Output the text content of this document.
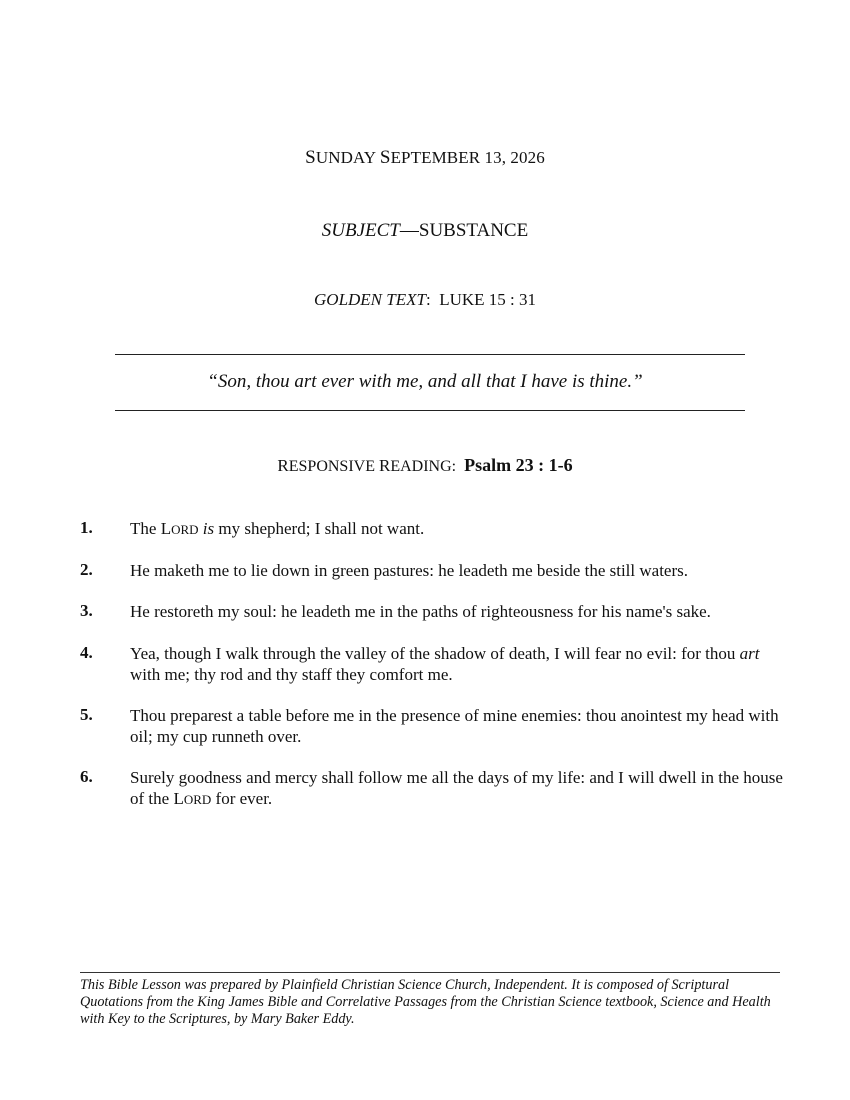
SUNDAY SEPTEMBER 13, 2026
SUBJECT—SUBSTANCE
GOLDEN TEXT:  LUKE 15 : 31
“Son, thou art ever with me, and all that I have is thine.”
RESPONSIVE READING:  Psalm 23 : 1-6
1. The LORD is my shepherd; I shall not want.
2. He maketh me to lie down in green pastures: he leadeth me beside the still waters.
3. He restoreth my soul: he leadeth me in the paths of righteousness for his name's sake.
4. Yea, though I walk through the valley of the shadow of death, I will fear no evil: for thou art with me; thy rod and thy staff they comfort me.
5. Thou preparest a table before me in the presence of mine enemies: thou anointest my head with oil; my cup runneth over.
6. Surely goodness and mercy shall follow me all the days of my life: and I will dwell in the house of the LORD for ever.
This Bible Lesson was prepared by Plainfield Christian Science Church, Independent. It is composed of Scriptural Quotations from the King James Bible and Correlative Passages from the Christian Science textbook, Science and Health with Key to the Scriptures, by Mary Baker Eddy.
